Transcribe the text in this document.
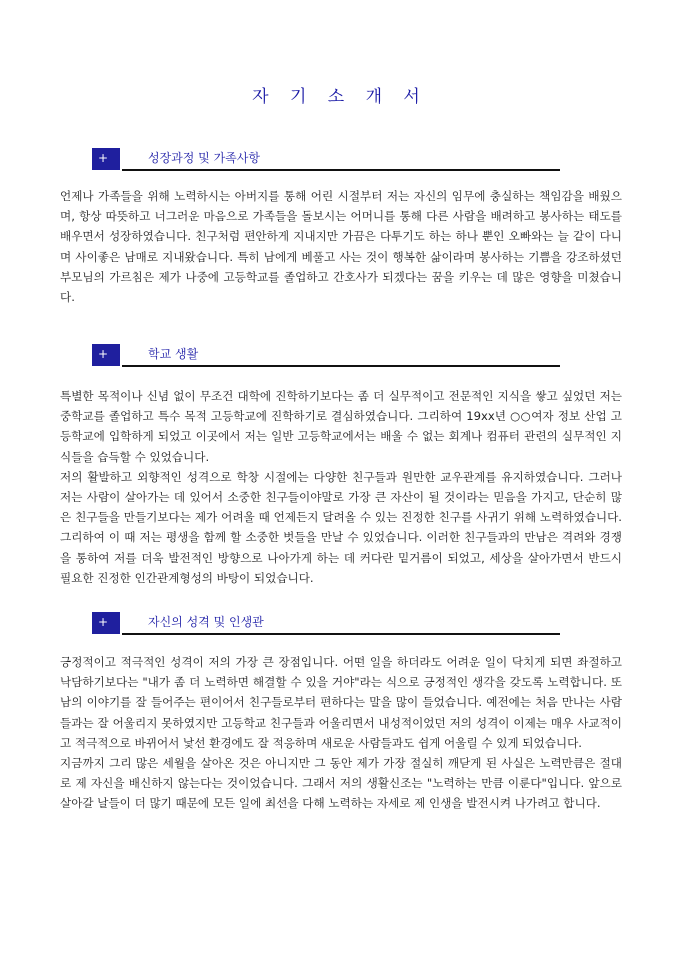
자 기 소 개 서
+	성장과정 및 가족사항

언제나 가족들을 위해 노력하시는 아버지를 통해 어린 시절부터 저는 자신의 임무에 충실하는 책임감을 배웠으며, 항상 따뜻하고 너그러운 마음으로 가족들을 돌보시는 어머니를 통해 다른 사람을 배려하고 봉사하는 태도를 배우면서 성장하였습니다. 친구처럼 편안하게 지내지만 가끔은 다투기도 하는 하나 뿐인 오빠와는 늘 같이 다니며 사이좋은 남매로 지내왔습니다. 특히 남에게 베풀고 사는 것이 행복한 삶이라며 봉사하는 기쁨을 강조하셨던 부모님의 가르침은 제가 나중에 고등학교를 졸업하고 간호사가 되겠다는 꿈을 키우는 데 많은 영향을 미쳤습니다.

+	학교 생활

특별한 목적이나 신념 없이 무조건 대학에 진학하기보다는 좀 더 실무적이고 전문적인 지식을 쌓고 싶었던 저는 중학교를 졸업하고 특수 목적 고등학교에 진학하기로 결심하였습니다. 그리하여 19xx년 ○○여자 정보 산업 고등학교에 입학하게 되었고 이곳에서 저는 일반 고등학교에서는 배울 수 없는 회계나 컴퓨터 관련의 실무적인 지식들을 습득할 수 있었습니다.

저의 활발하고 외향적인 성격으로 학창 시절에는 다양한 친구들과 원만한 교우관계를 유지하였습니다. 그러나 저는 사람이 살아가는 데 있어서 소중한 친구들이야말로 가장 큰 자산이 될 것이라는 믿음을 가지고, 단순히 많은 친구들을 만들기보다는 제가 어려울 때 언제든지 달려올 수 있는 진정한 친구를 사귀기 위해 노력하였습니다. 그리하여 이 때 저는 평생을 함께 할 소중한 벗들을 만날 수 있었습니다. 이러한 친구들과의 만남은 격려와 경쟁을 통하여 저를 더욱 발전적인 방향으로 나아가게 하는 데 커다란 밑거름이 되었고, 세상을 살아가면서 반드시 필요한 진정한 인간관계형성의 바탕이 되었습니다.

+	자신의 성격 및 인생관

긍정적이고 적극적인 성격이 저의 가장 큰 장점입니다. 어떤 일을 하더라도 어려운 일이 닥치게 되면 좌절하고 낙담하기보다는 "내가 좀 더 노력하면 해결할 수 있을 거야"라는 식으로 긍정적인 생각을 갖도록 노력합니다. 또 남의 이야기를 잘 들어주는 편이어서 친구들로부터 편하다는 말을 많이 들었습니다. 예전에는 처음 만나는 사람들과는 잘 어울리지 못하였지만 고등학교 친구들과 어울리면서 내성적이었던 저의 성격이 이제는 매우 사교적이고 적극적으로 바뀌어서 낯선 환경에도 잘 적응하며 새로운 사람들과도 쉽게 어울릴 수 있게 되었습니다.

지금까지 그리 많은 세월을 살아온 것은 아니지만 그 동안 제가 가장 절실히 깨닫게 된 사실은 노력만큼은 절대로 제 자신을 배신하지 않는다는 것이었습니다. 그래서 저의 생활신조는 "노력하는 만큼 이룬다"입니다. 앞으로 살아갈 날들이 더 많기 때문에 모든 일에 최선을 다해 노력하는 자세로 제 인생을 발전시켜 나가려고 합니다.
